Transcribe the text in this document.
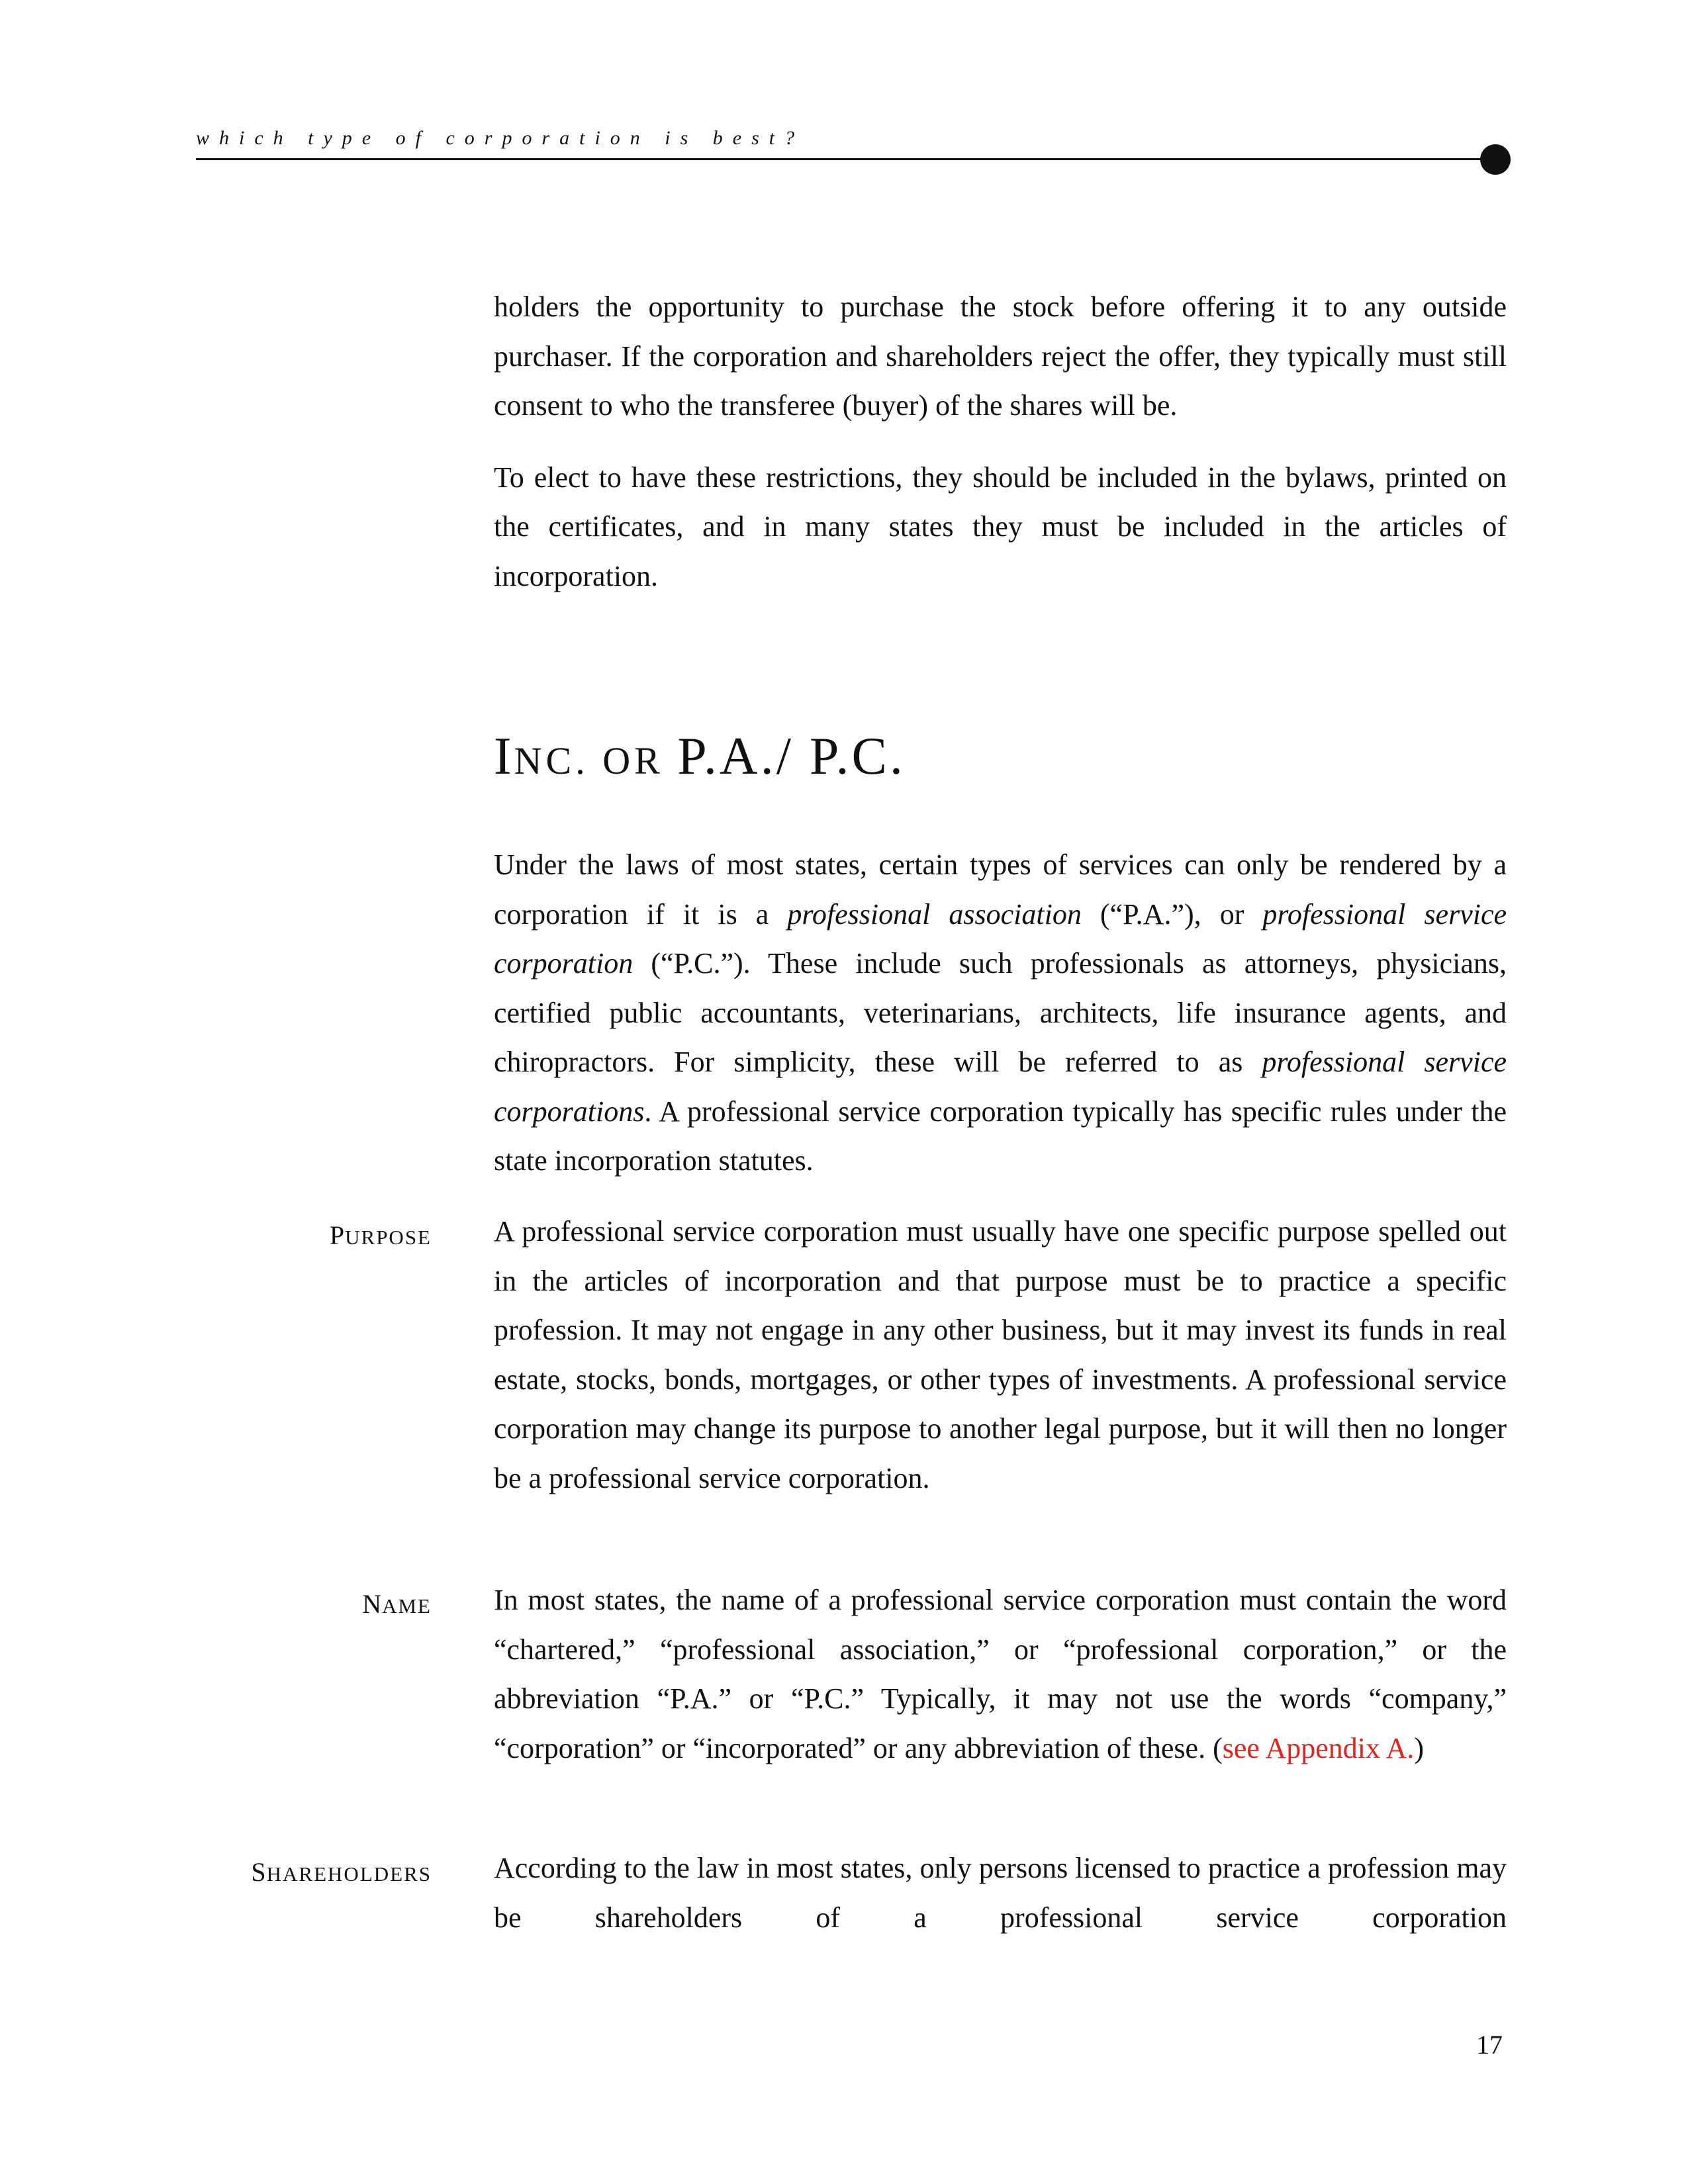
which type of corporation is best?

holders the opportunity to purchase the stock before offering it to any outside purchaser. If the corporation and shareholders reject the offer, they typically must still consent to who the transferee (buyer) of the shares will be.

To elect to have these restrictions, they should be included in the bylaws, printed on the certificates, and in many states they must be included in the articles of incorporation.

INC. OR P.A./ P.C.

Under the laws of most states, certain types of services can only be rendered by a corporation if it is a professional association (“P.A.”), or professional service corporation (“P.C.”). These include such professionals as attorneys, physicians, certified public accountants, veterinarians, architects, life insurance agents, and chiropractors. For simplicity, these will be referred to as professional service corporations. A professional service corporation typically has specific rules under the state incorporation statutes.

PURPOSE A professional service corporation must usually have one specific purpose spelled out in the articles of incorporation and that purpose must be to practice a specific profession. It may not engage in any other business, but it may invest its funds in real estate, stocks, bonds, mortgages, or other types of investments. A professional service corporation may change its purpose to another legal purpose, but it will then no longer be a professional service corporation.

NAME In most states, the name of a professional service corporation must contain the word “chartered,” “professional association,” or “professional corporation,” or the abbreviation “P.A.” or “P.C.” Typically, it may not use the words “company,” “corporation” or “incorporated” or any abbreviation of these. (see Appendix A.)

SHAREHOLDERS According to the law in most states, only persons licensed to practice a profession may be shareholders of a professional service corporation

17
